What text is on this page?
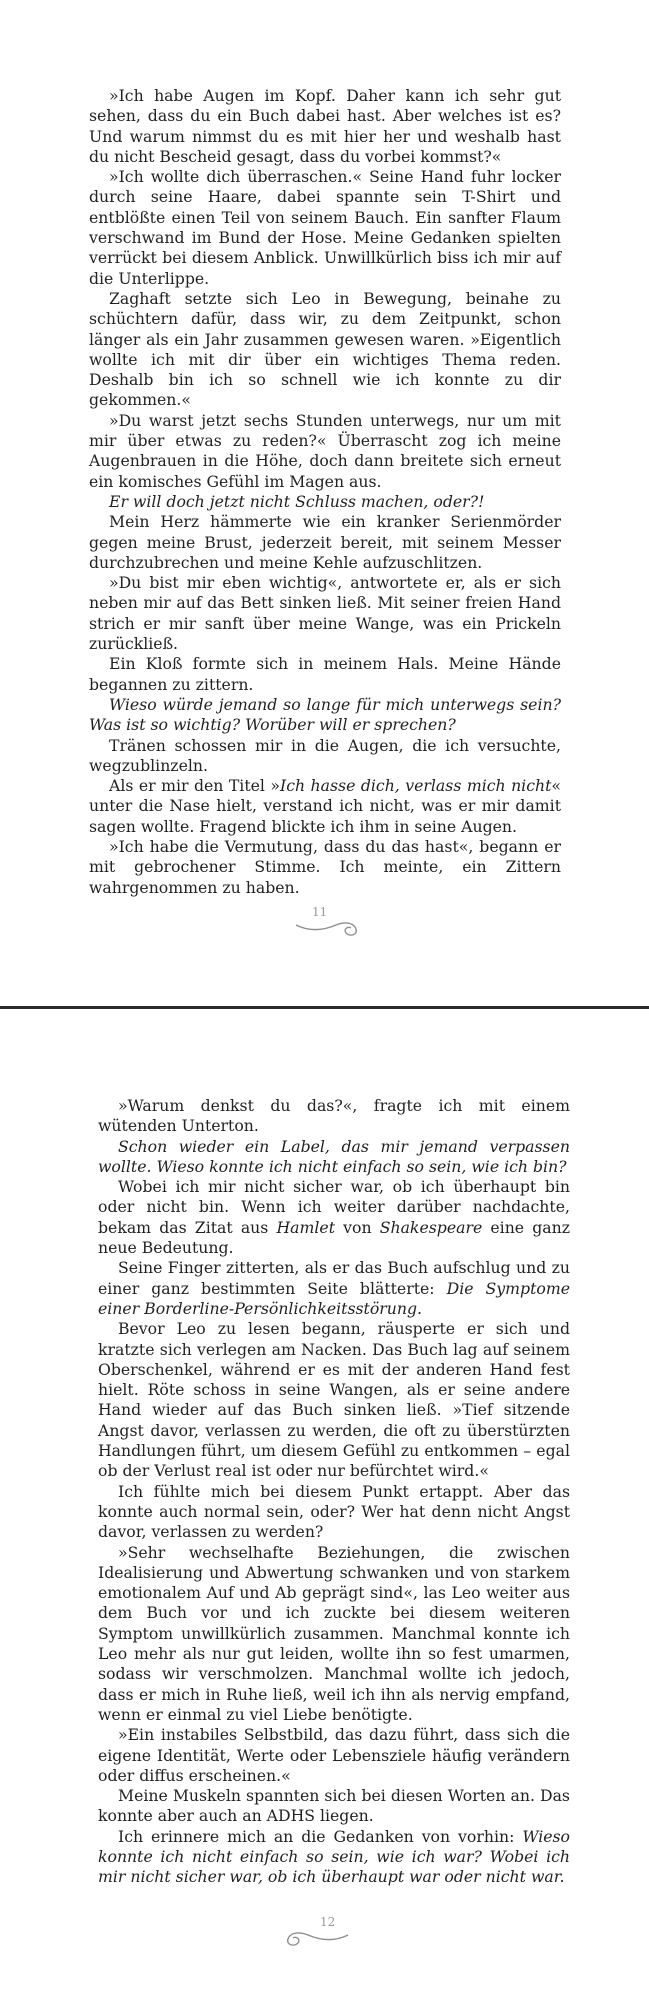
»Ich habe Augen im Kopf. Daher kann ich sehr gut sehen, dass du ein Buch dabei hast. Aber welches ist es? Und warum nimmst du es mit hier her und weshalb hast du nicht Bescheid gesagt, dass du vorbei kommst?«

»Ich wollte dich überraschen.« Seine Hand fuhr locker durch seine Haare, dabei spannte sein T-Shirt und entblößte einen Teil von seinem Bauch. Ein sanfter Flaum verschwand im Bund der Hose. Meine Gedanken spielten verrückt bei diesem Anblick. Unwillkürlich biss ich mir auf die Unterlippe.

Zaghaft setzte sich Leo in Bewegung, beinahe zu schüchtern dafür, dass wir, zu dem Zeitpunkt, schon länger als ein Jahr zusammen gewesen waren. »Eigentlich wollte ich mit dir über ein wichtiges Thema reden. Deshalb bin ich so schnell wie ich konnte zu dir gekommen.«

»Du warst jetzt sechs Stunden unterwegs, nur um mit mir über etwas zu reden?« Überrascht zog ich meine Augenbrauen in die Höhe, doch dann breitete sich erneut ein komisches Gefühl im Magen aus.

Er will doch jetzt nicht Schluss machen, oder?!

Mein Herz hämmerte wie ein kranker Serienmörder gegen meine Brust, jederzeit bereit, mit seinem Messer durchzubrechen und meine Kehle aufzuschlitzen.

»Du bist mir eben wichtig«, antwortete er, als er sich neben mir auf das Bett sinken ließ. Mit seiner freien Hand strich er mir sanft über meine Wange, was ein Prickeln zurückließ.

Ein Kloß formte sich in meinem Hals. Meine Hände begannen zu zittern.

Wieso würde jemand so lange für mich unterwegs sein? Was ist so wichtig? Worüber will er sprechen?

Tränen schossen mir in die Augen, die ich versuchte, wegzublinzeln.

Als er mir den Titel »Ich hasse dich, verlass mich nicht« unter die Nase hielt, verstand ich nicht, was er mir damit sagen wollte. Fragend blickte ich ihm in seine Augen.

»Ich habe die Vermutung, dass du das hast«, begann er mit gebrochener Stimme. Ich meinte, ein Zittern wahrgenommen zu haben.

11

»Warum denkst du das?«, fragte ich mit einem wütenden Unterton.

Schon wieder ein Label, das mir jemand verpassen wollte. Wieso konnte ich nicht einfach so sein, wie ich bin?

Wobei ich mir nicht sicher war, ob ich überhaupt bin oder nicht bin. Wenn ich weiter darüber nachdachte, bekam das Zitat aus Hamlet von Shakespeare eine ganz neue Bedeutung.

Seine Finger zitterten, als er das Buch aufschlug und zu einer ganz bestimmten Seite blätterte: Die Symptome einer Borderline-Persönlichkeitsstörung.

Bevor Leo zu lesen begann, räusperte er sich und kratzte sich verlegen am Nacken. Das Buch lag auf seinem Oberschenkel, während er es mit der anderen Hand fest hielt. Röte schoss in seine Wangen, als er seine andere Hand wieder auf das Buch sinken ließ. »Tief sitzende Angst davor, verlassen zu werden, die oft zu überstürzten Handlungen führt, um diesem Gefühl zu entkommen – egal ob der Verlust real ist oder nur befürchtet wird.«

Ich fühlte mich bei diesem Punkt ertappt. Aber das konnte auch normal sein, oder? Wer hat denn nicht Angst davor, verlassen zu werden?

»Sehr wechselhafte Beziehungen, die zwischen Idealisierung und Abwertung schwanken und von starkem emotionalem Auf und Ab geprägt sind«, las Leo weiter aus dem Buch vor und ich zuckte bei diesem weiteren Symptom unwillkürlich zusammen. Manchmal konnte ich Leo mehr als nur gut leiden, wollte ihn so fest umarmen, sodass wir verschmolzen. Manchmal wollte ich jedoch, dass er mich in Ruhe ließ, weil ich ihn als nervig empfand, wenn er einmal zu viel Liebe benötigte.

»Ein instabiles Selbstbild, das dazu führt, dass sich die eigene Identität, Werte oder Lebensziele häufig verändern oder diffus erscheinen.«

Meine Muskeln spannten sich bei diesen Worten an. Das konnte aber auch an ADHS liegen.

Ich erinnere mich an die Gedanken von vorhin: Wieso konnte ich nicht einfach so sein, wie ich war? Wobei ich mir nicht sicher war, ob ich überhaupt war oder nicht war.

12
